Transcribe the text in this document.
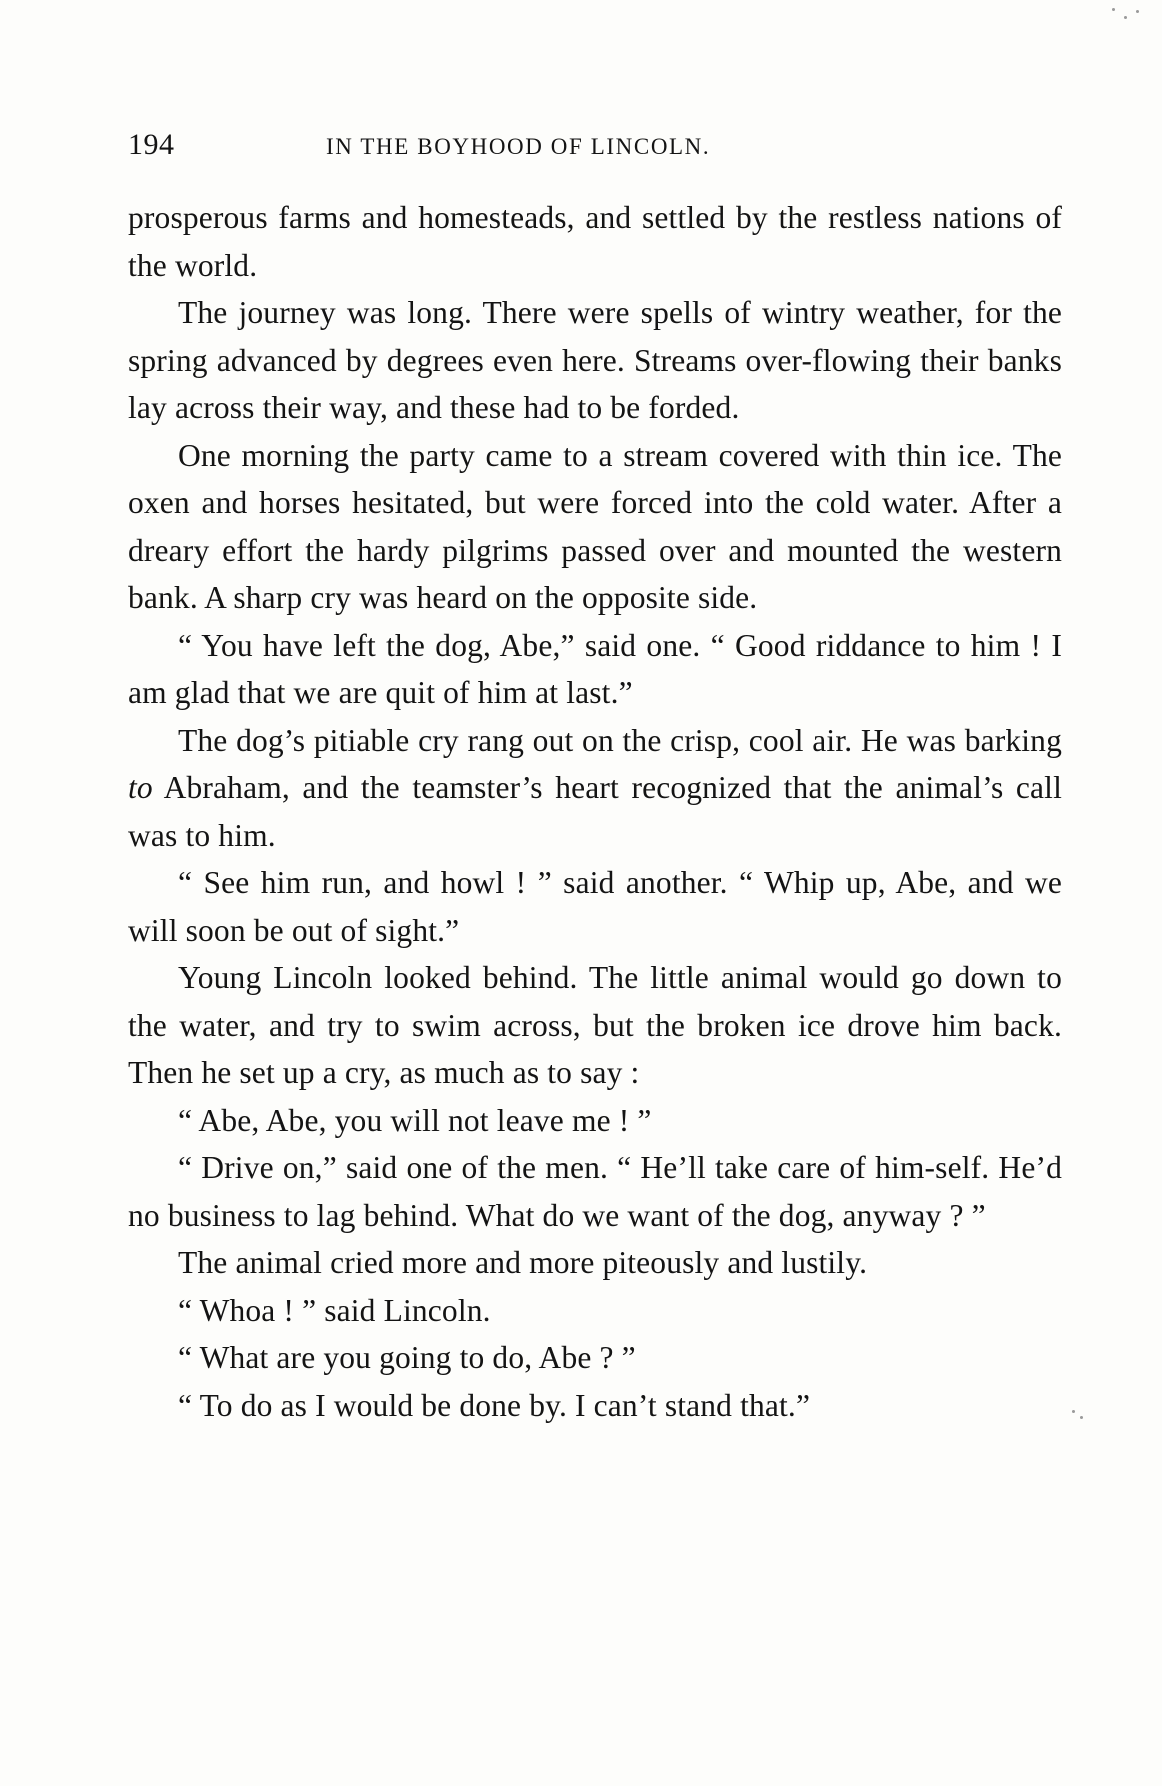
194	IN THE BOYHOOD OF LINCOLN.

prosperous farms and homesteads, and settled by the restless nations of the world.

The journey was long. There were spells of wintry weather, for the spring advanced by degrees even here. Streams over-flowing their banks lay across their way, and these had to be forded.

One morning the party came to a stream covered with thin ice. The oxen and horses hesitated, but were forced into the cold water. After a dreary effort the hardy pilgrims passed over and mounted the western bank. A sharp cry was heard on the opposite side.

“ You have left the dog, Abe,” said one. “ Good riddance to him ! I am glad that we are quit of him at last.”

The dog’s pitiable cry rang out on the crisp, cool air. He was barking to Abraham, and the teamster’s heart recognized that the animal’s call was to him.

“ See him run, and howl ! ” said another. “ Whip up, Abe, and we will soon be out of sight.”

Young Lincoln looked behind. The little animal would go down to the water, and try to swim across, but the broken ice drove him back. Then he set up a cry, as much as to say :

“ Abe, Abe, you will not leave me ! ”

“ Drive on,” said one of the men. “ He’ll take care of him-self. He’d no business to lag behind. What do we want of the dog, anyway ? ”

The animal cried more and more piteously and lustily.

“ Whoa ! ” said Lincoln.

“ What are you going to do, Abe ? ”

“ To do as I would be done by. I can’t stand that.”
